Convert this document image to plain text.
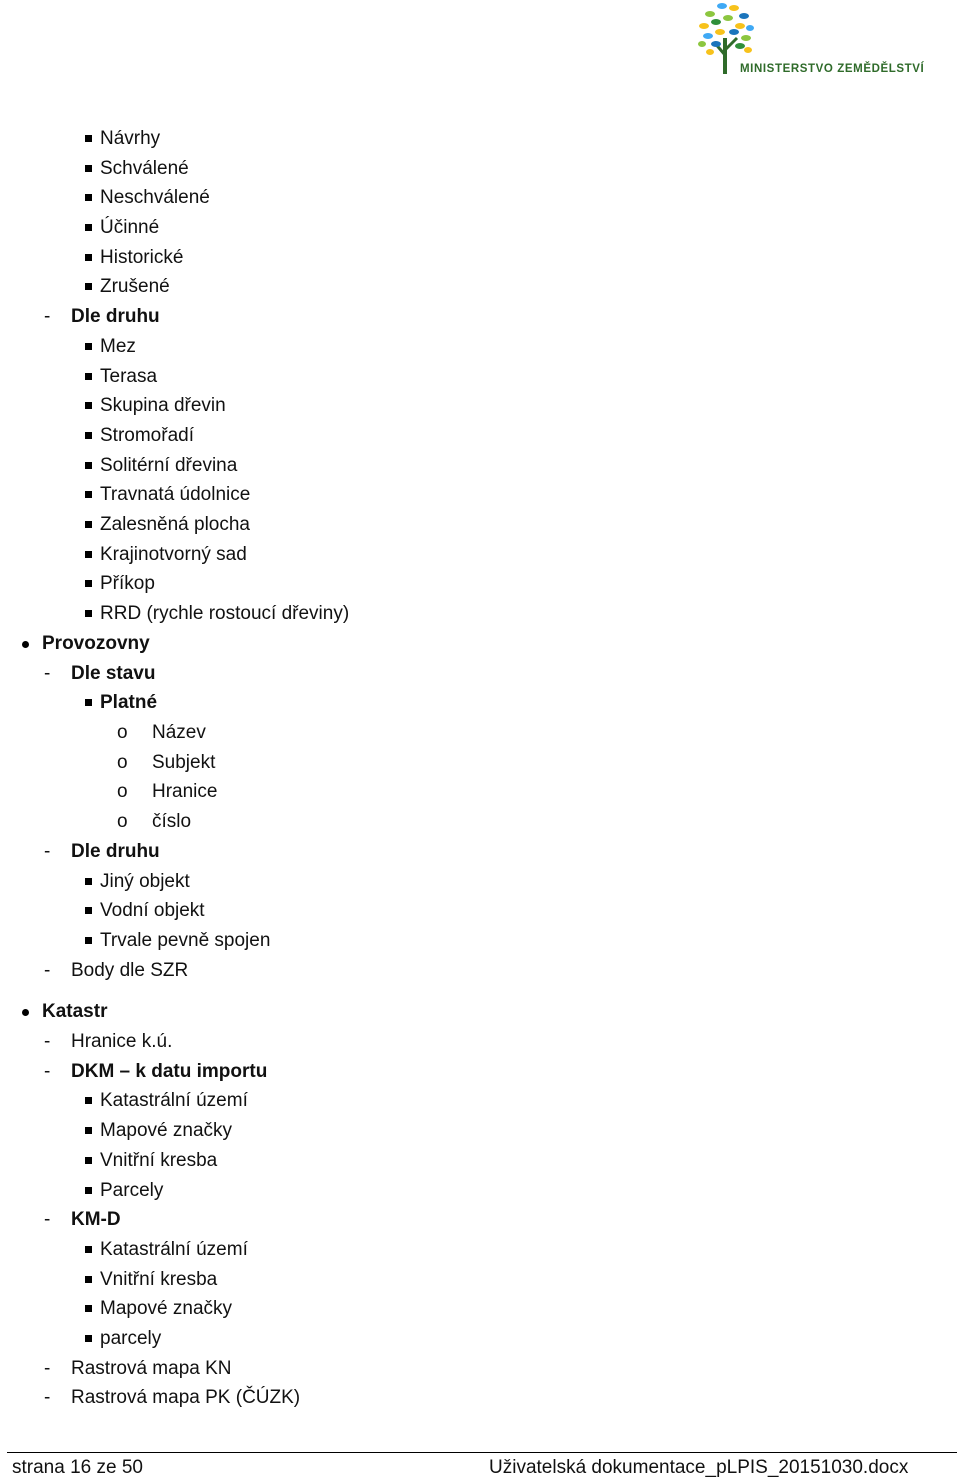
MINISTERSTVO ZEMĚDĚLSTVÍ
Návrhy
Schválené
Neschválené
Účinné
Historické
Zrušené
- Dle druhu
Mez
Terasa
Skupina dřevin
Stromořadí
Solitérní dřevina
Travnatá údolnice
Zalesněná plocha
Krajinotvorný sad
Příkop
RRD (rychle rostoucí dřeviny)
Provozovny
- Dle stavu
Platné
o Název
o Subjekt
o Hranice
o číslo
- Dle druhu
Jiný objekt
Vodní objekt
Trvale pevně spojen
- Body dle SZR
Katastr
- Hranice k.ú.
- DKM – k datu importu
Katastrální území
Mapové značky
Vnitřní kresba
Parcely
- KM-D
Katastrální území
Vnitřní kresba
Mapové značky
parcely
- Rastrová mapa KN
- Rastrová mapa PK (ČÚZK)
strana 16 ze 50	Uživatelská dokumentace_pLPIS_20151030.docx
